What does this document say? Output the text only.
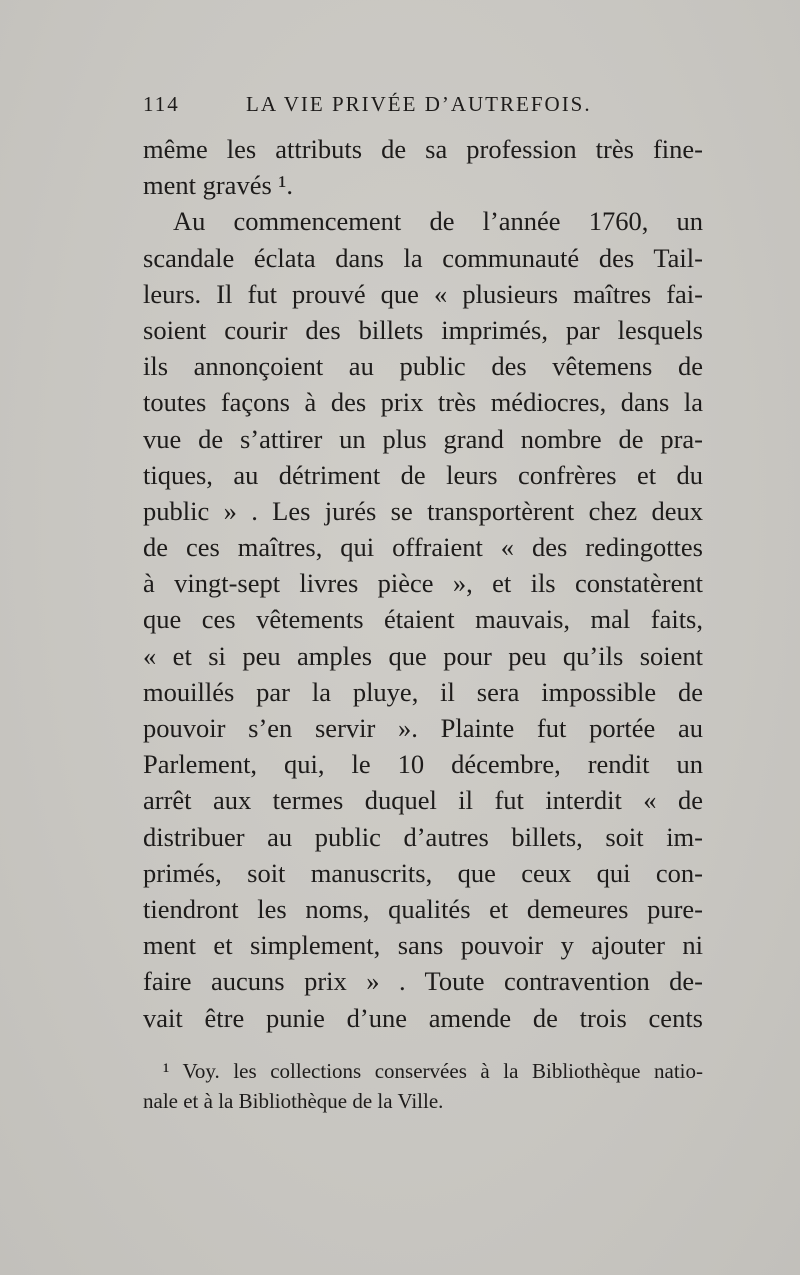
114	LA VIE PRIVÉE D’AUTREFOIS.
même les attributs de sa profession très fine-
ment gravés ¹.
Au commencement de l’année 1760, un
scandale éclata dans la communauté des Tail-
leurs. Il fut prouvé que « plusieurs maîtres fai-
soient courir des billets imprimés, par lesquels
ils annonçoient au public des vêtemens de
toutes façons à des prix très médiocres, dans la
vue de s’attirer un plus grand nombre de pra-
tiques, au détriment de leurs confrères et du
public » . Les jurés se transportèrent chez deux
de ces maîtres, qui offraient « des redingottes
à vingt-sept livres pièce », et ils constatèrent
que ces vêtements étaient mauvais, mal faits,
« et si peu amples que pour peu qu’ils soient
mouillés par la pluye, il sera impossible de
pouvoir s’en servir ». Plainte fut portée au
Parlement, qui, le 10 décembre, rendit un
arrêt aux termes duquel il fut interdit « de
distribuer au public d’autres billets, soit im-
primés, soit manuscrits, que ceux qui con-
tiendront les noms, qualités et demeures pure-
ment et simplement, sans pouvoir y ajouter ni
faire aucuns prix » . Toute contravention de-
vait être punie d’une amende de trois cents
¹ Voy. les collections conservées à la Bibliothèque natio-
nale et à la Bibliothèque de la Ville.
